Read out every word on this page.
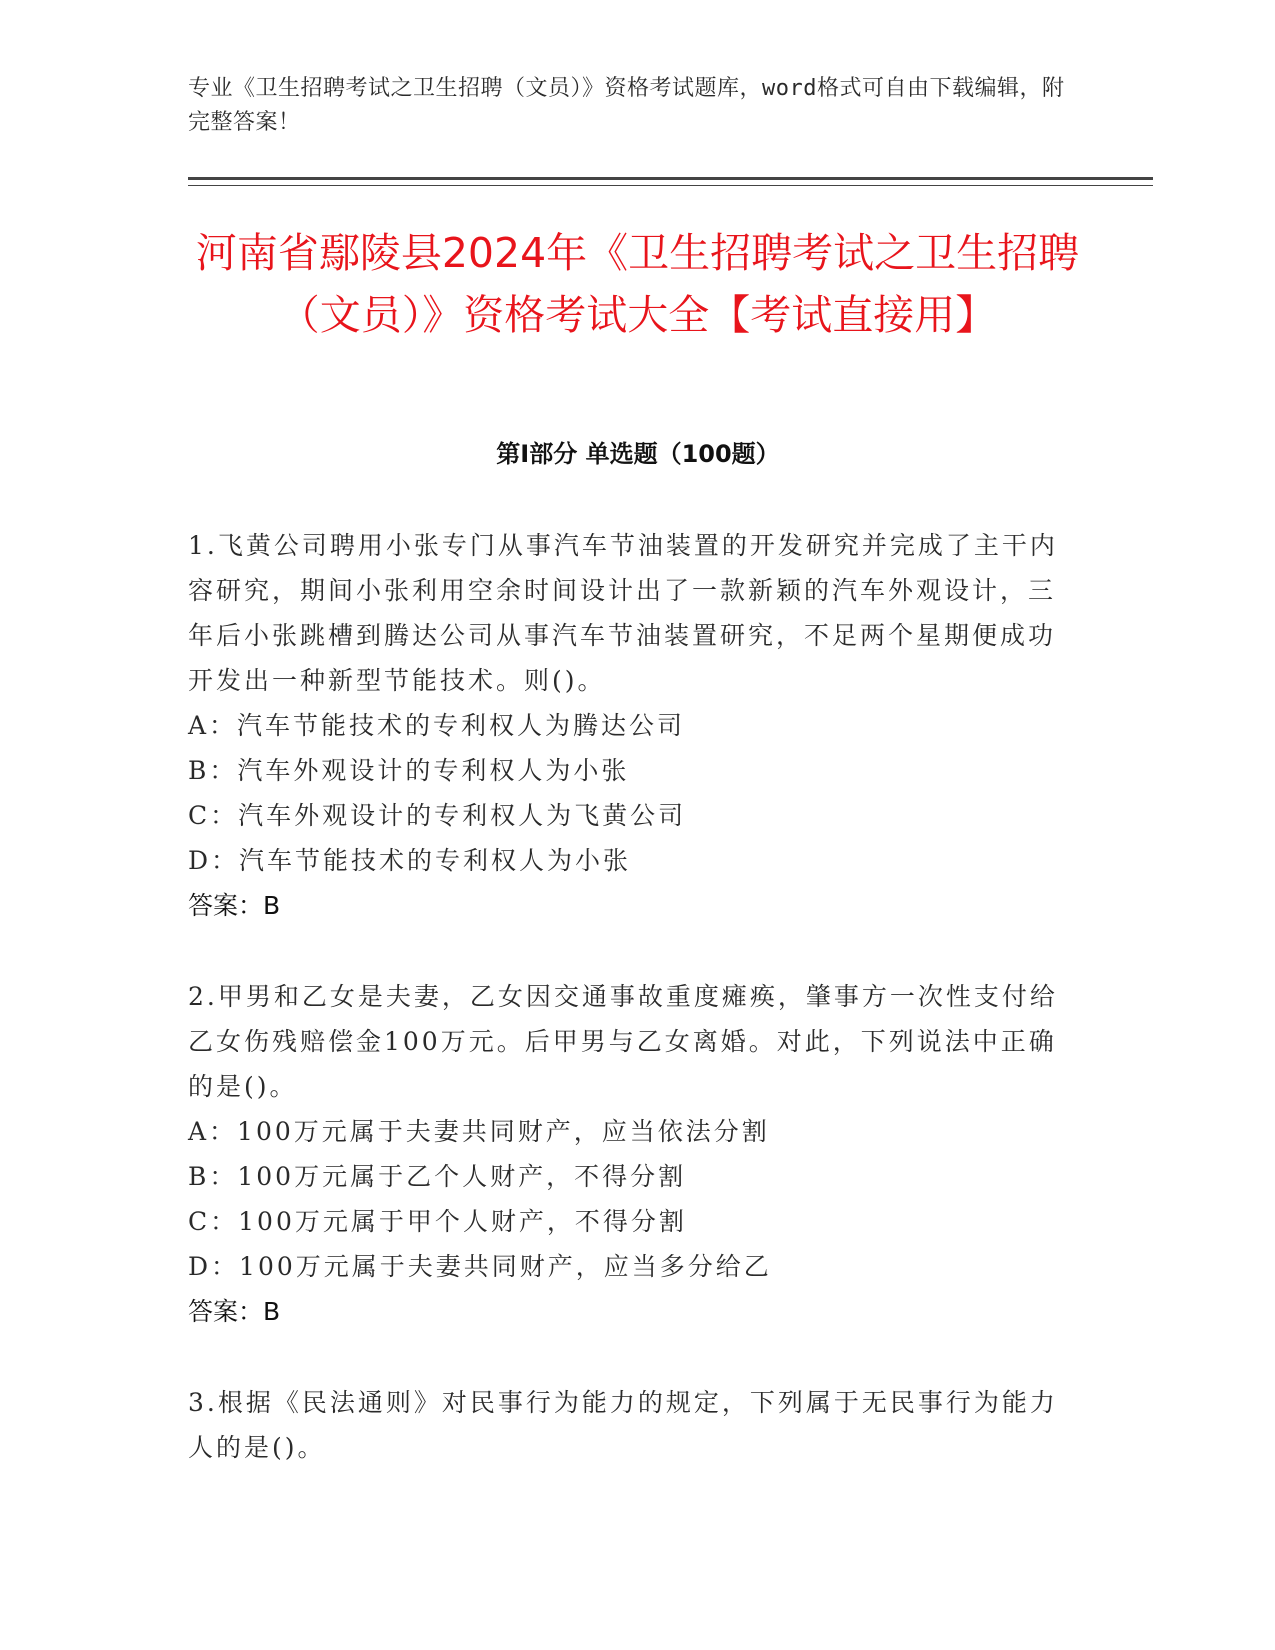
专业《卫生招聘考试之卫生招聘（文员）》资格考试题库，word格式可自由下载编辑，附完整答案！
河南省鄢陵县2024年《卫生招聘考试之卫生招聘（文员）》资格考试大全【考试直接用】
第I部分 单选题（100题）

1.飞黄公司聘用小张专门从事汽车节油装置的开发研究并完成了主干内容研究，期间小张利用空余时间设计出了一款新颖的汽车外观设计，三年后小张跳槽到腾达公司从事汽车节油装置研究，不足两个星期便成功开发出一种新型节能技术。则()。

A：汽车节能技术的专利权人为腾达公司

B：汽车外观设计的专利权人为小张

C：汽车外观设计的专利权人为飞黄公司

D：汽车节能技术的专利权人为小张

答案：B

2.甲男和乙女是夫妻，乙女因交通事故重度瘫痪，肇事方一次性支付给乙女伤残赔偿金100万元。后甲男与乙女离婚。对此，下列说法中正确的是()。

A：100万元属于夫妻共同财产，应当依法分割

B：100万元属于乙个人财产，不得分割

C：100万元属于甲个人财产，不得分割

D：100万元属于夫妻共同财产，应当多分给乙

答案：B

3.根据《民法通则》对民事行为能力的规定，下列属于无民事行为能力人的是()。
